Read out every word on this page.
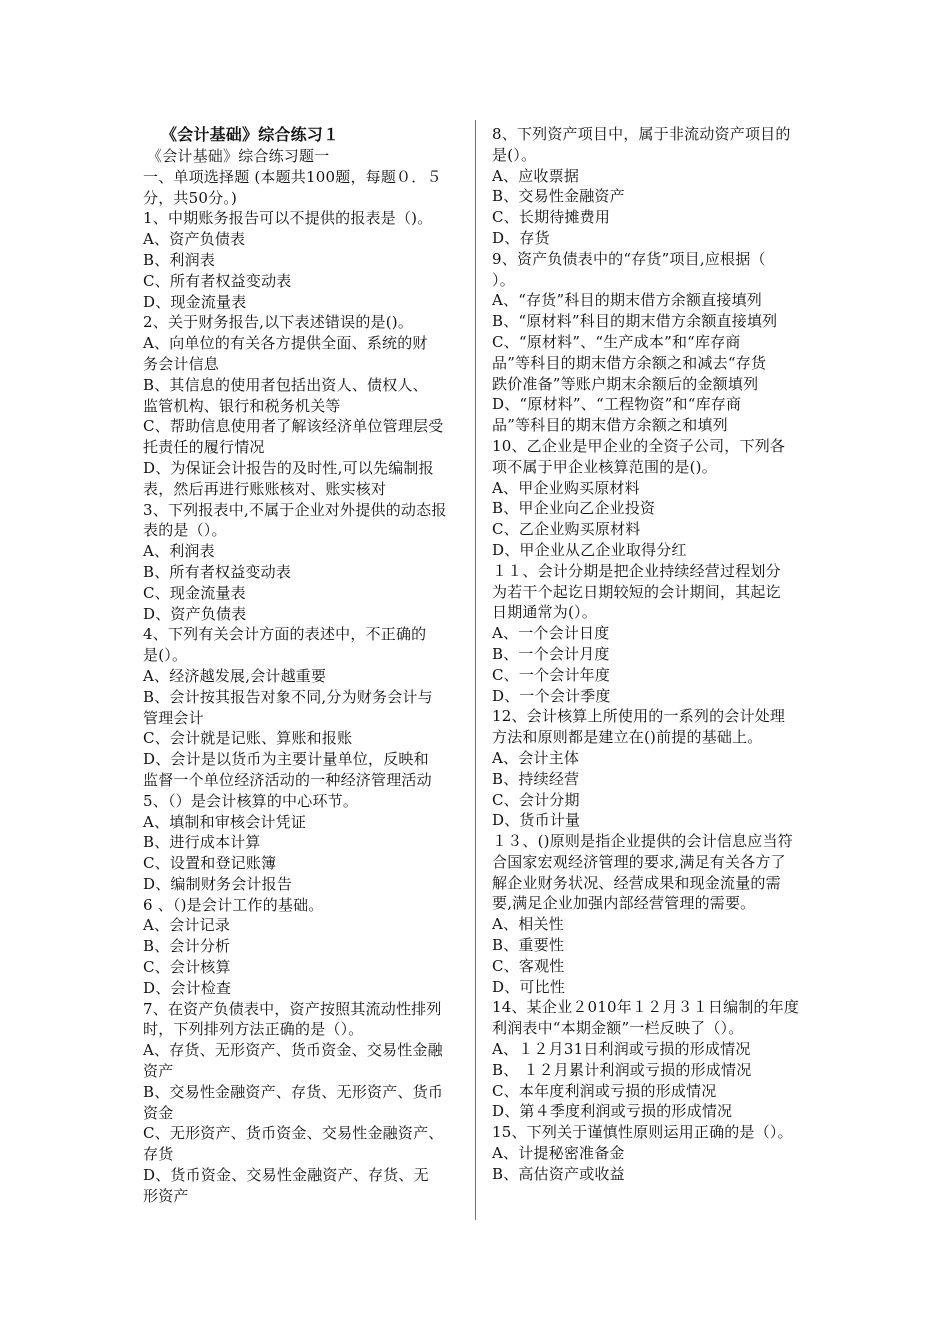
《会计基础》综合练习１
《会计基础》综合练习题一
一、单项选择题 (本题共100题，每题０．５
分，共50分。)
1、中期账务报告可以不提供的报表是（)。
A、资产负债表
B、利润表
C、所有者权益变动表
D、现金流量表
2、关于财务报告,以下表述错误的是()。
A、向单位的有关各方提供全面、系统的财
务会计信息
B、其信息的使用者包括出资人、债权人、
监管机构、银行和税务机关等
C、帮助信息使用者了解该经济单位管理层受
托责任的履行情况
D、为保证会计报告的及时性,可以先编制报
表，然后再进行账账核对、账实核对
3、下列报表中,不属于企业对外提供的动态报
表的是（）。
A、利润表
B、所有者权益变动表
C、现金流量表
D、资产负债表
4、下列有关会计方面的表述中，不正确的
是(）。
A、经济越发展,会计越重要
B、会计按其报告对象不同,分为财务会计与
管理会计
C、会计就是记账、算账和报账
D、会计是以货币为主要计量单位，反映和
监督一个单位经济活动的一种经济管理活动
5、（）是会计核算的中心环节。
A、填制和审核会计凭证
B、进行成本计算
C、设置和登记账簿
D、编制财务会计报告
6 、（)是会计工作的基础。
A、会计记录
B、会计分析
C、会计核算
D、会计检查
7、在资产负债表中，资产按照其流动性排列
时，下列排列方法正确的是（）。
A、存货、无形资产、货币资金、交易性金融
资产
B、交易性金融资产、存货、无形资产、货币
资金
C、无形资产、货币资金、交易性金融资产、
存货
D、货币资金、交易性金融资产、存货、无
形资产
8、下列资产项目中，属于非流动资产项目的
是(）。
A、应收票据
B、交易性金融资产
C、长期待摊费用
D、存货
9、资产负债表中的“存货”项目,应根据（
）。
A、“存货”科目的期末借方余额直接填列
B、“原材料”科目的期末借方余额直接填列
C、“原材料”、“生产成本”和“库存商
品”等科目的期末借方余额之和减去“存货
跌价准备”等账户期末余额后的金额填列
D、“原材料”、“工程物资”和“库存商
品”等科目的期末借方余额之和填列
10、乙企业是甲企业的全资子公司，下列各
项不属于甲企业核算范围的是()。
A、甲企业购买原材料
B、甲企业向乙企业投资
C、乙企业购买原材料
D、甲企业从乙企业取得分红
１１、会计分期是把企业持续经营过程划分
为若干个起讫日期较短的会计期间，其起讫
日期通常为(）。
A、一个会计日度
B、一个会计月度
C、一个会计年度
D、一个会计季度
12、会计核算上所使用的一系列的会计处理
方法和原则都是建立在()前提的基础上。
A、会计主体
B、持续经营
C、会计分期
D、货币计量
１３、()原则是指企业提供的会计信息应当符
合国家宏观经济管理的要求,满足有关各方了
解企业财务状况、经营成果和现金流量的需
要,满足企业加强内部经营管理的需要。
A、相关性
B、重要性
C、客观性
D、可比性
14、某企业２010年１２月３１日编制的年度
利润表中“本期金额”一栏反映了（）。
A、１２月31日利润或亏损的形成情况
B、 １２月累计利润或亏损的形成情况
C、本年度利润或亏损的形成情况
D、第４季度利润或亏损的形成情况
15、下列关于谨慎性原则运用正确的是（）。
A、计提秘密准备金
B、高估资产或收益
